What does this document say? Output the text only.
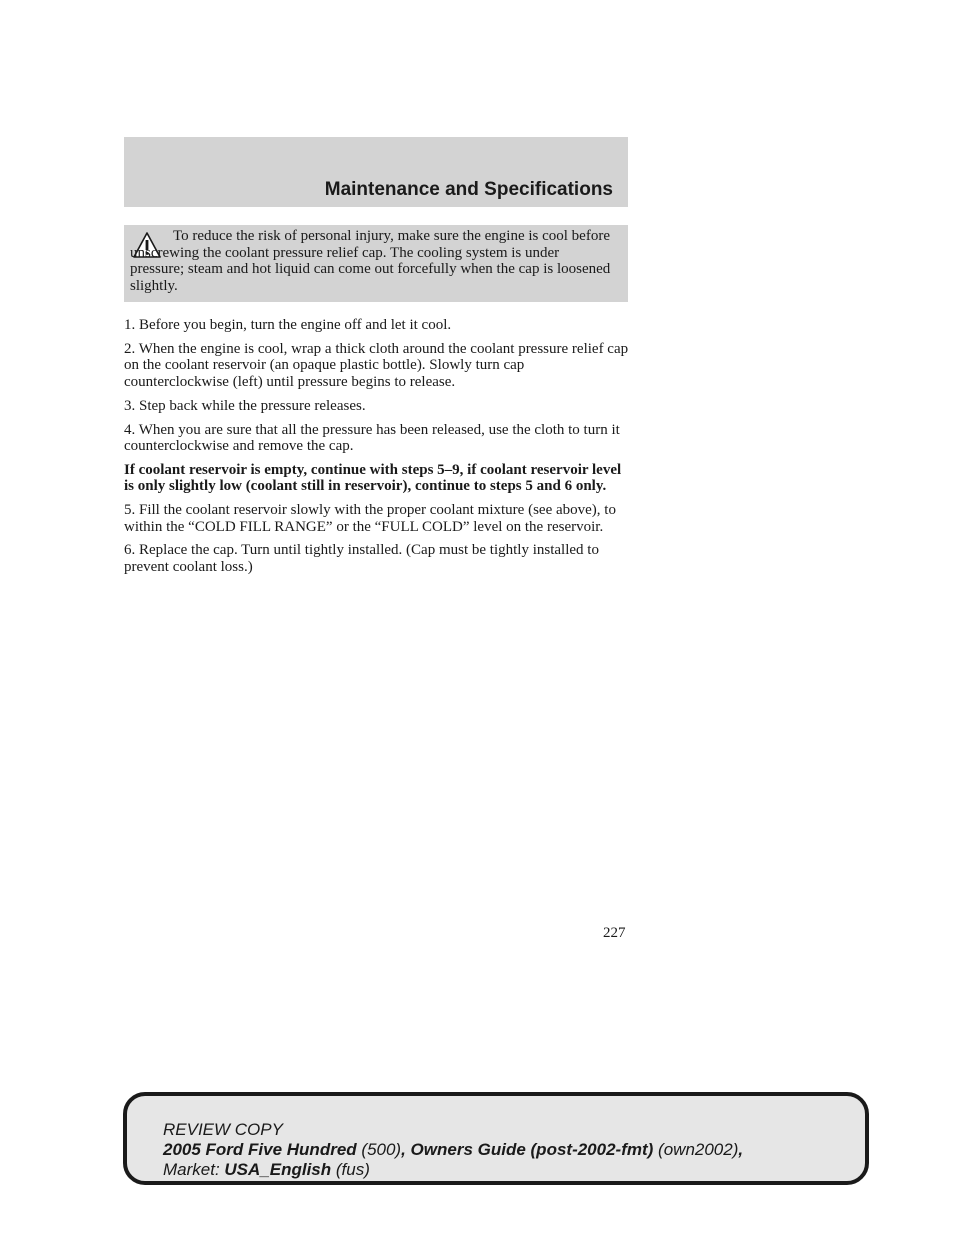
Maintenance and Specifications

To reduce the risk of personal injury, make sure the engine is cool before unscrewing the coolant pressure relief cap. The cooling system is under pressure; steam and hot liquid can come out forcefully when the cap is loosened slightly.

1. Before you begin, turn the engine off and let it cool.

2. When the engine is cool, wrap a thick cloth around the coolant pressure relief cap on the coolant reservoir (an opaque plastic bottle). Slowly turn cap counterclockwise (left) until pressure begins to release.

3. Step back while the pressure releases.

4. When you are sure that all the pressure has been released, use the cloth to turn it counterclockwise and remove the cap.

If coolant reservoir is empty, continue with steps 5–9, if coolant reservoir level is only slightly low (coolant still in reservoir), continue to steps 5 and 6 only.

5. Fill the coolant reservoir slowly with the proper coolant mixture (see above), to within the “COLD FILL RANGE” or the “FULL COLD” level on the reservoir.

6. Replace the cap. Turn until tightly installed. (Cap must be tightly installed to prevent coolant loss.)

227
REVIEW COPY
2005 Ford Five Hundred (500), Owners Guide (post-2002-fmt) (own2002),
Market: USA_English (fus)
